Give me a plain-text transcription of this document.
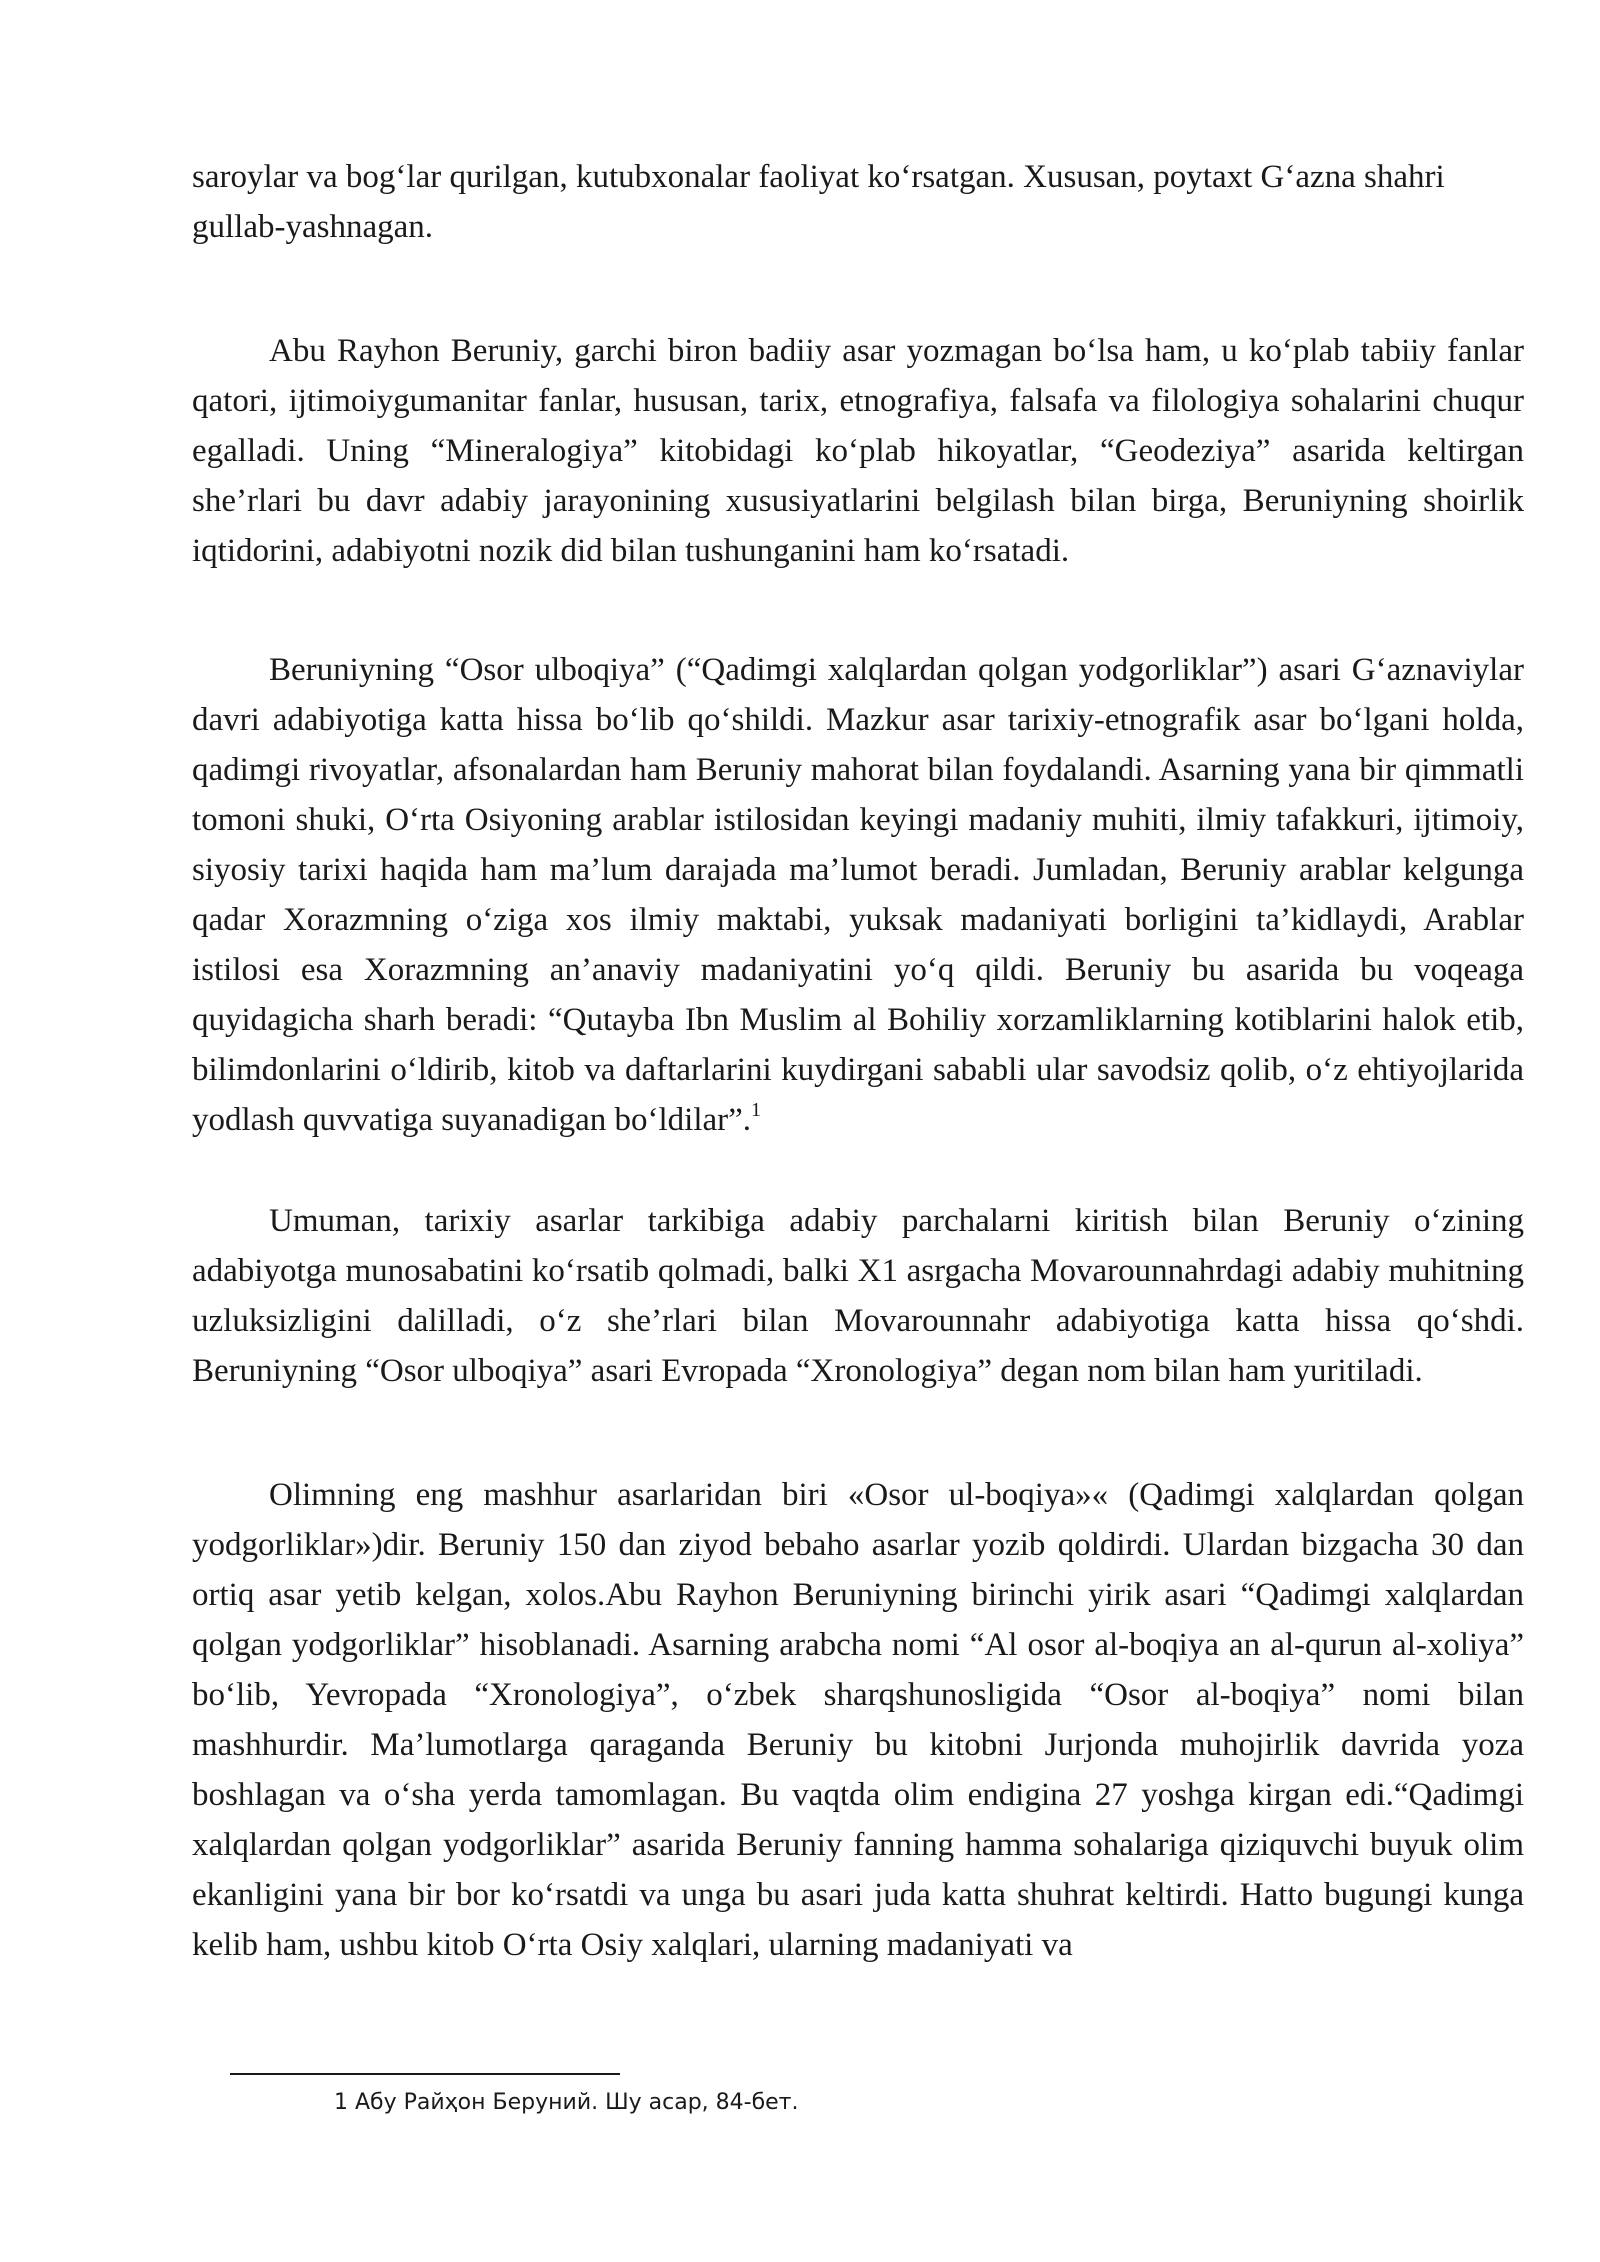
saroylar va bog‘lar qurilgan, kutubxonalar faoliyat ko‘rsatgan. Xususan, poytaxt G‘azna shahri gullab-yashnagan.

Abu Rayhon Beruniy, garchi biron badiiy asar yozmagan bo‘lsa ham, u ko‘plab tabiiy fanlar qatori, ijtimoiygumanitar fanlar, hususan, tarix, etnografiya, falsafa va filologiya sohalarini chuqur egalladi. Uning “Mineralogiya” kitobidagi ko‘plab hikoyatlar, “Geodeziya” asarida keltirgan she’rlari bu davr adabiy jarayonining xususiyatlarini belgilash bilan birga, Beruniyning shoirlik iqtidorini, adabiyotni nozik did bilan tushunganini ham ko‘rsatadi.

Beruniyning “Osor ulboqiya” (“Qadimgi xalqlardan qolgan yodgorliklar”) asari G‘aznaviylar davri adabiyotiga katta hissa bo‘lib qo‘shildi. Mazkur asar tarixiy-etnografik asar bo‘lgani holda, qadimgi rivoyatlar, afsonalardan ham Beruniy mahorat bilan foydalandi. Asarning yana bir qimmatli tomoni shuki, O‘rta Osiyoning arablar istilosidan keyingi madaniy muhiti, ilmiy tafakkuri, ijtimoiy, siyosiy tarixi haqida ham ma’lum darajada ma’lumot beradi. Jumladan, Beruniy arablar kelgunga qadar Xorazmning o‘ziga xos ilmiy maktabi, yuksak madaniyati borligini ta’kidlaydi, Arablar istilosi esa Xorazmning an’anaviy madaniyatini yo‘q qildi. Beruniy bu asarida bu voqeaga quyidagicha sharh beradi: “Qutayba Ibn Muslim al Bohiliy xorzamliklarning kotiblarini halok etib, bilimdonlarini o‘ldirib, kitob va daftarlarini kuydirgani sababli ular savodsiz qolib, o‘z ehtiyojlarida yodlash quvvatiga suyanadigan bo‘ldilar”.$^1$

Umuman, tarixiy asarlar tarkibiga adabiy parchalarni kiritish bilan Beruniy o‘zining adabiyotga munosabatini ko‘rsatib qolmadi, balki X1 asrgacha Movarounnahrdagi adabiy muhitning uzluksizligini dalilladi, o‘z she’rlari bilan Movarounnahr adabiyotiga katta hissa qo‘shdi. Beruniyning “Osor ulboqiya” asari Evropada “Xronologiya” degan nom bilan ham yuritiladi.

Olimning eng mashhur asarlaridan biri «Osor ul-boqiya»« (Qadimgi xalqlardan qolgan yodgorliklar»)dir. Beruniy 150 dan ziyod bebaho asarlar yozib qoldirdi. Ulardan bizgacha 30 dan ortiq asar yetib kelgan, xolos.Abu Rayhon Beruniyning birinchi yirik asari “Qadimgi xalqlardan qolgan yodgorliklar” hisoblanadi. Asarning arabcha nomi “Al osor al-boqiya an al-qurun al-xoliya” bo‘lib, Yevropada “Xronologiya”, o‘zbek sharqshunosligida “Osor al-boqiya” nomi bilan mashhurdir. Ma’lumotlarga qaraganda Beruniy bu kitobni Jurjonda muhojirlik davrida yoza boshlagan va o‘sha yerda tamomlagan. Bu vaqtda olim endigina 27 yoshga kirgan edi.“Qadimgi xalqlardan qolgan yodgorliklar” asarida Beruniy fanning hamma sohalariga qiziquvchi buyuk olim ekanligini yana bir bor ko‘rsatdi va unga bu asari juda katta shuhrat keltirdi. Hatto bugungi kunga kelib ham, ushbu kitob O‘rta Osiy xalqlari, ularning madaniyati va

1 Абу Райҳон Беруний. Шу асар, 84-бет.
